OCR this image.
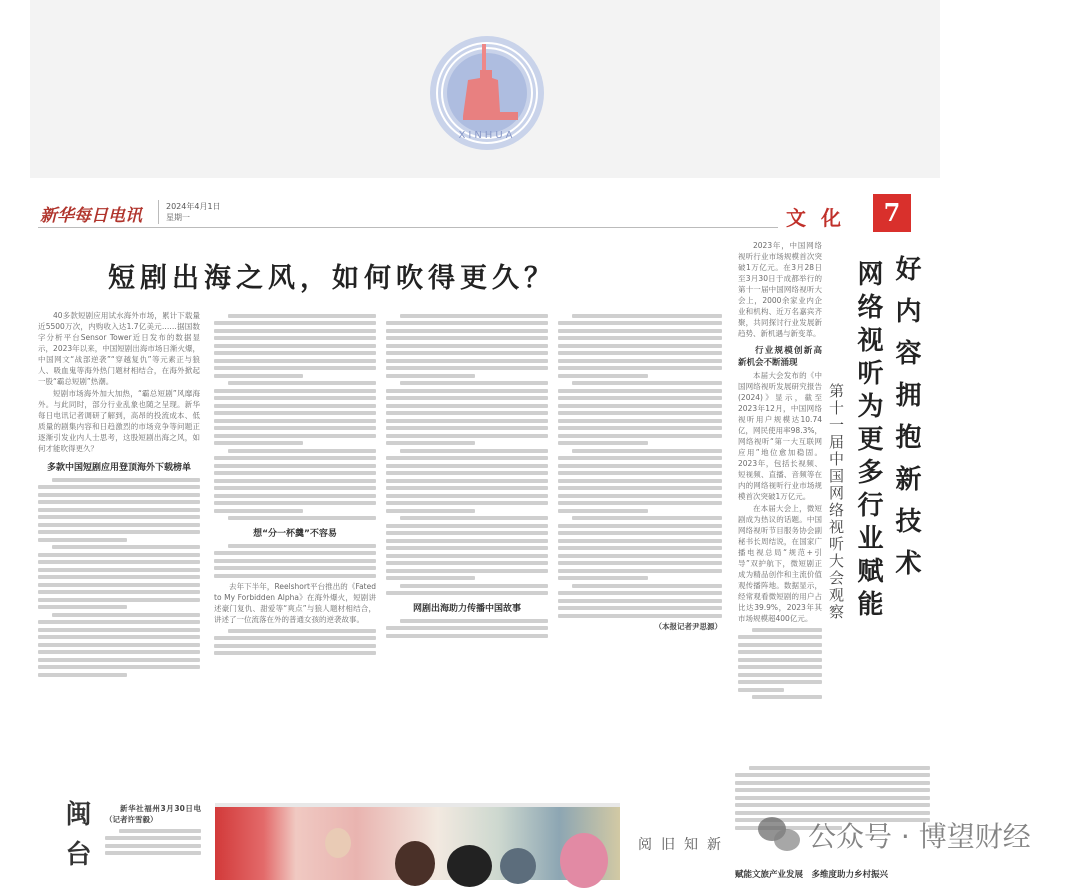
XINHUA
新华每日电讯	2024年4月1日
星期一	文 化	7
短剧出海之风，如何吹得更久？

40多款短剧应用试水海外市场，累计下载量近5500万次，内购收入达1.7亿美元……据国数字分析平台Sensor Tower近日发布的数据显示，2023年以来，中国短剧出海市场日渐火爆，中国网文“战部逆袭”“穿越复仇”等元素正与狼人、吸血鬼等海外热门题材相结合，在海外掀起一股“霸总短剧”热潮。

短剧市场海外加大加热，“霸总短剧”风靡海外。与此同时，部分行业乱象也随之呈现。新华每日电讯记者调研了解到，高昂的投流成本、低质量的剧集内容和日趋激烈的市场竞争等问题正逐渐引发业内人士思考，这股短剧出海之风，如何才能吹得更久？

多款中国短剧应用登顶海外下载榜单

想“分一杯羹”不容易

去年下半年，Reelshort平台推出的《Fated to My Forbidden Alpha》在海外爆火，短剧讲述豪门复仇、甜爱等“爽点”与狼人题材相结合，讲述了一位流落在外的普通女孩的逆袭故事。

网剧出海助力传播中国故事

（本报记者尹思源）

好内容拥抱新技术
网络视听为更多行业赋能
第十一届中国网络视听大会观察

2023年，中国网络视听行业市场规模首次突破1万亿元。在3月28日至3月30日于成都举行的第十一届中国网络视听大会上，2000余家业内企业和机构、近万名嘉宾齐聚，共同探讨行业发展新趋势、新机遇与新变革。

行业规模创新高　新机会不断涌现

本届大会发布的《中国网络视听发展研究报告(2024)》显示，截至2023年12月，中国网络视听用户规模达10.74亿，网民使用率98.3%，网络视听“第一大互联网应用”地位愈加稳固。2023年，包括长视频、短视频、直播、音频等在内的网络视听行业市场规模首次突破1万亿元。

在本届大会上，微短剧成为热议的话题。中国网络视听节目服务协会副秘书长周结说，在国家广播电视总局“规范+引导”双护航下，微短剧正成为精品创作和主流价值观传播阵地。数据显示，经常观看微短剧的用户占比达39.9%，2023年其市场规模超400亿元。

赋能文旅产业发展　多维度助力乡村振兴
闽台	新华社福州3月30日电（记者许雪毅）

阅旧知新	公众号 · 博望财经
